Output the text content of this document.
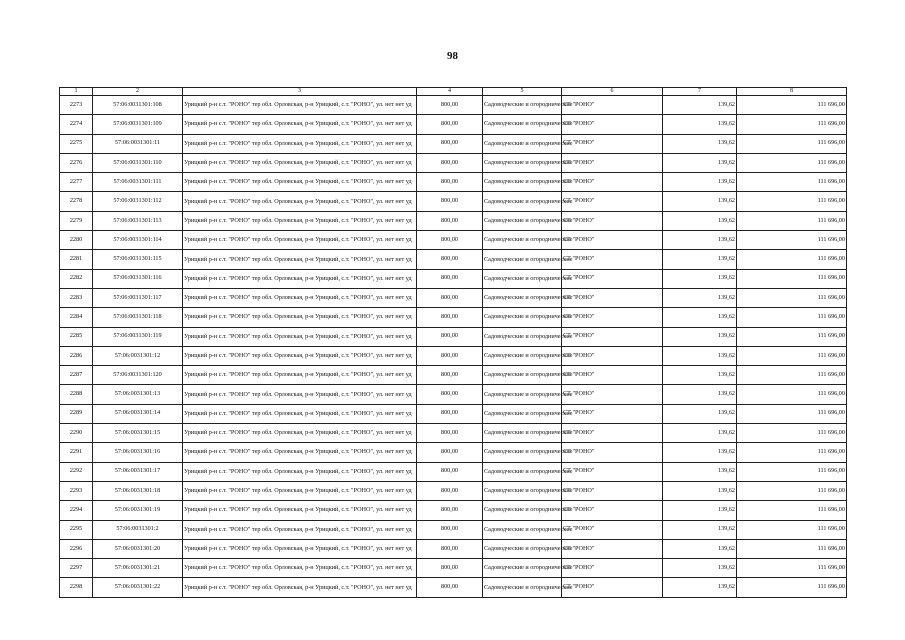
98
1	2	3	4	5	6	7	8
2273	57:06:0031301:108	Урицкий р-н с.т. "РОНО" тер обл. Орловская, р-н Урицкий, с.т. "РОНО", ул. нет нет уд	800,00	Садоводческие и огороднические	СТ "РОНО"	139,62	111 696,00
2274	57:06:0031301:109	Урицкий р-н с.т. "РОНО" тер обл. Орловская, р-н Урицкий, с.т. "РОНО", ул. нет нет уд	800,00	Садоводческие и огороднические	СТ "РОНО"	139,62	111 696,00
2275	57:06:0031301:11	Урицкий р-н с.т. "РОНО" тер обл. Орловская, р-н Урицкий, с.т. "РОНО", ул. нет нет уд	800,00	Садоводческие и огороднические	СТ "РОНО"	139,62	111 696,00
2276	57:06:0031301:110	Урицкий р-н с.т. "РОНО" тер обл. Орловская, р-н Урицкий, с.т. "РОНО", ул. нет нет уд	800,00	Садоводческие и огороднические	СТ "РОНО"	139,62	111 696,00
2277	57:06:0031301:111	Урицкий р-н с.т. "РОНО" тер обл. Орловская, р-н Урицкий, с.т. "РОНО", ул. нет нет уд	800,00	Садоводческие и огороднические	СТ "РОНО"	139,62	111 696,00
2278	57:06:0031301:112	Урицкий р-н с.т. "РОНО" тер обл. Орловская, р-н Урицкий, с.т. "РОНО", ул. нет нет уд	800,00	Садоводческие и огороднические	СТ "РОНО"	139,62	111 696,00
2279	57:06:0031301:113	Урицкий р-н с.т. "РОНО" тер обл. Орловская, р-н Урицкий, с.т. "РОНО", ул. нет нет уд	800,00	Садоводческие и огороднические	СТ "РОНО"	139,62	111 696,00
2280	57:06:0031301:114	Урицкий р-н с.т. "РОНО" тер обл. Орловская, р-н Урицкий, с.т. "РОНО", ул. нет нет уд	800,00	Садоводческие и огороднические	СТ "РОНО"	139,62	111 696,00
2281	57:06:0031301:115	Урицкий р-н с.т. "РОНО" тер обл. Орловская, р-н Урицкий, с.т. "РОНО", ул. нет нет уд	800,00	Садоводческие и огороднические	СТ "РОНО"	139,62	111 696,00
2282	57:06:0031301:116	Урицкий р-н с.т. "РОНО" тер обл. Орловская, р-н Урицкий, с.т. "РОНО", ул. нет нет уд	800,00	Садоводческие и огороднические	СТ "РОНО"	139,62	111 696,00
2283	57:06:0031301:117	Урицкий р-н с.т. "РОНО" тер обл. Орловская, р-н Урицкий, с.т. "РОНО", ул. нет нет уд	800,00	Садоводческие и огороднические	СТ "РОНО"	139,62	111 696,00
2284	57:06:0031301:118	Урицкий р-н с.т. "РОНО" тер обл. Орловская, р-н Урицкий, с.т. "РОНО", ул. нет нет уд	800,00	Садоводческие и огороднические	СТ "РОНО"	139,62	111 696,00
2285	57:06:0031301:119	Урицкий р-н с.т. "РОНО" тер обл. Орловская, р-н Урицкий, с.т. "РОНО", ул. нет нет уд	800,00	Садоводческие и огороднические	СТ "РОНО"	139,62	111 696,00
2286	57:06:0031301:12	Урицкий р-н с.т. "РОНО" тер обл. Орловская, р-н Урицкий, с.т. "РОНО", ул. нет нет уд	800,00	Садоводческие и огороднические	СТ "РОНО"	139,62	111 696,00
2287	57:06:0031301:120	Урицкий р-н с.т. "РОНО" тер обл. Орловская, р-н Урицкий, с.т. "РОНО", ул. нет нет уд	800,00	Садоводческие и огороднические	СТ "РОНО"	139,62	111 696,00
2288	57:06:0031301:13	Урицкий р-н с.т. "РОНО" тер обл. Орловская, р-н Урицкий, с.т. "РОНО", ул. нет нет уд	800,00	Садоводческие и огороднические	СТ "РОНО"	139,62	111 696,00
2289	57:06:0031301:14	Урицкий р-н с.т. "РОНО" тер обл. Орловская, р-н Урицкий, с.т. "РОНО", ул. нет нет уд	800,00	Садоводческие и огороднические	СТ "РОНО"	139,62	111 696,00
2290	57:06:0031301:15	Урицкий р-н с.т. "РОНО" тер обл. Орловская, р-н Урицкий, с.т. "РОНО", ул. нет нет уд	800,00	Садоводческие и огороднические	СТ "РОНО"	139,62	111 696,00
2291	57:06:0031301:16	Урицкий р-н с.т. "РОНО" тер обл. Орловская, р-н Урицкий, с.т. "РОНО", ул. нет нет уд	800,00	Садоводческие и огороднические	СТ "РОНО"	139,62	111 696,00
2292	57:06:0031301:17	Урицкий р-н с.т. "РОНО" тер обл. Орловская, р-н Урицкий, с.т. "РОНО", ул. нет нет уд	800,00	Садоводческие и огороднические	СТ "РОНО"	139,62	111 696,00
2293	57:06:0031301:18	Урицкий р-н с.т. "РОНО" тер обл. Орловская, р-н Урицкий, с.т. "РОНО", ул. нет нет уд	800,00	Садоводческие и огороднические	СТ "РОНО"	139,62	111 696,00
2294	57:06:0031301:19	Урицкий р-н с.т. "РОНО" тер обл. Орловская, р-н Урицкий, с.т. "РОНО", ул. нет нет уд	800,00	Садоводческие и огороднические	СТ "РОНО"	139,62	111 696,00
2295	57:06:0031301:2	Урицкий р-н с.т. "РОНО" тер обл. Орловская, р-н Урицкий, с.т. "РОНО", ул. нет нет уд	800,00	Садоводческие и огороднические	СТ "РОНО"	139,62	111 696,00
2296	57:06:0031301:20	Урицкий р-н с.т. "РОНО" тер обл. Орловская, р-н Урицкий, с.т. "РОНО", ул. нет нет уд	800,00	Садоводческие и огороднические	СТ "РОНО"	139,62	111 696,00
2297	57:06:0031301:21	Урицкий р-н с.т. "РОНО" тер обл. Орловская, р-н Урицкий, с.т. "РОНО", ул. нет нет уд	800,00	Садоводческие и огороднические	СТ "РОНО"	139,62	111 696,00
2298	57:06:0031301:22	Урицкий р-н с.т. "РОНО" тер обл. Орловская, р-н Урицкий, с.т. "РОНО", ул. нет нет уд	800,00	Садоводческие и огороднические	СТ "РОНО"	139,62	111 696,00
